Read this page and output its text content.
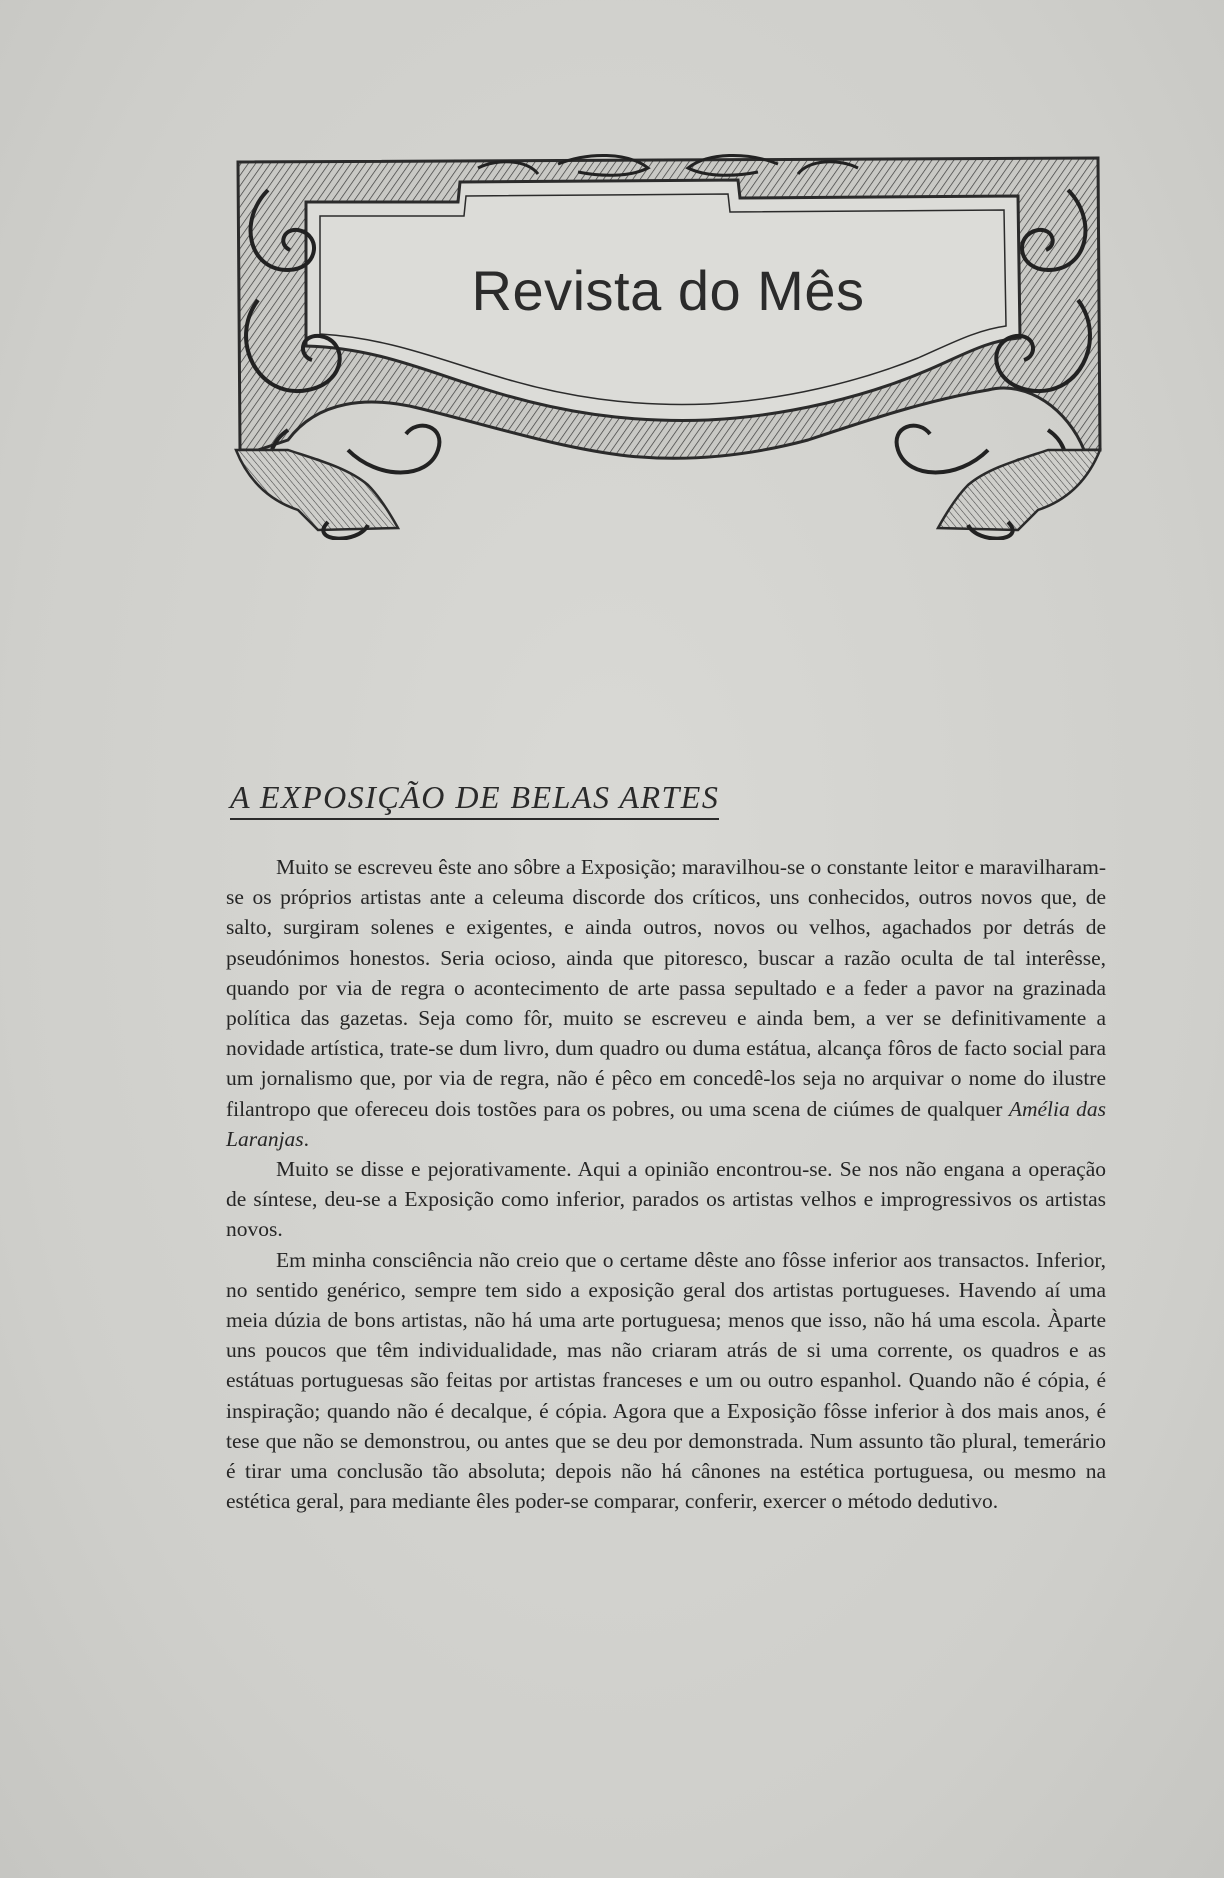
Revista do Mês
A EXPOSIÇÃO DE BELAS ARTES

Muito se escreveu êste ano sôbre a Exposição; maravilhou-se o constante leitor e maravilharam-se os próprios artistas ante a celeuma discorde dos críticos, uns conhecidos, outros novos que, de salto, surgiram solenes e exigentes, e ainda outros, novos ou velhos, agachados por detrás de pseudónimos honestos. Seria ocioso, ainda que pitoresco, buscar a razão oculta de tal interêsse, quando por via de regra o acontecimento de arte passa sepultado e a feder a pavor na grazinada política das gazetas. Seja como fôr, muito se escreveu e ainda bem, a ver se definitivamente a novidade artística, trate-se dum livro, dum quadro ou duma estátua, alcança fôros de facto social para um jornalismo que, por via de regra, não é pêco em concedê-los seja no arquivar o nome do ilustre filantropo que ofereceu dois tostões para os pobres, ou uma scena de ciúmes de qualquer Amélia das Laranjas.

Muito se disse e pejorativamente. Aqui a opinião encontrou-se. Se nos não engana a operação de síntese, deu-se a Exposição como inferior, parados os artistas velhos e improgressivos os artistas novos.

Em minha consciência não creio que o certame dêste ano fôsse inferior aos transactos. Inferior, no sentido genérico, sempre tem sido a exposição geral dos artistas portugueses. Havendo aí uma meia dúzia de bons artistas, não há uma arte portuguesa; menos que isso, não há uma escola. Àparte uns poucos que têm individualidade, mas não criaram atrás de si uma corrente, os quadros e as estátuas portuguesas são feitas por artistas franceses e um ou outro espanhol. Quando não é cópia, é inspiração; quando não é decalque, é cópia. Agora que a Exposição fôsse inferior à dos mais anos, é tese que não se demonstrou, ou antes que se deu por demonstrada. Num assunto tão plural, temerário é tirar uma conclusão tão absoluta; depois não há cânones na estética portuguesa, ou mesmo na estética geral, para mediante êles poder-se comparar, conferir, exercer o método dedutivo.
